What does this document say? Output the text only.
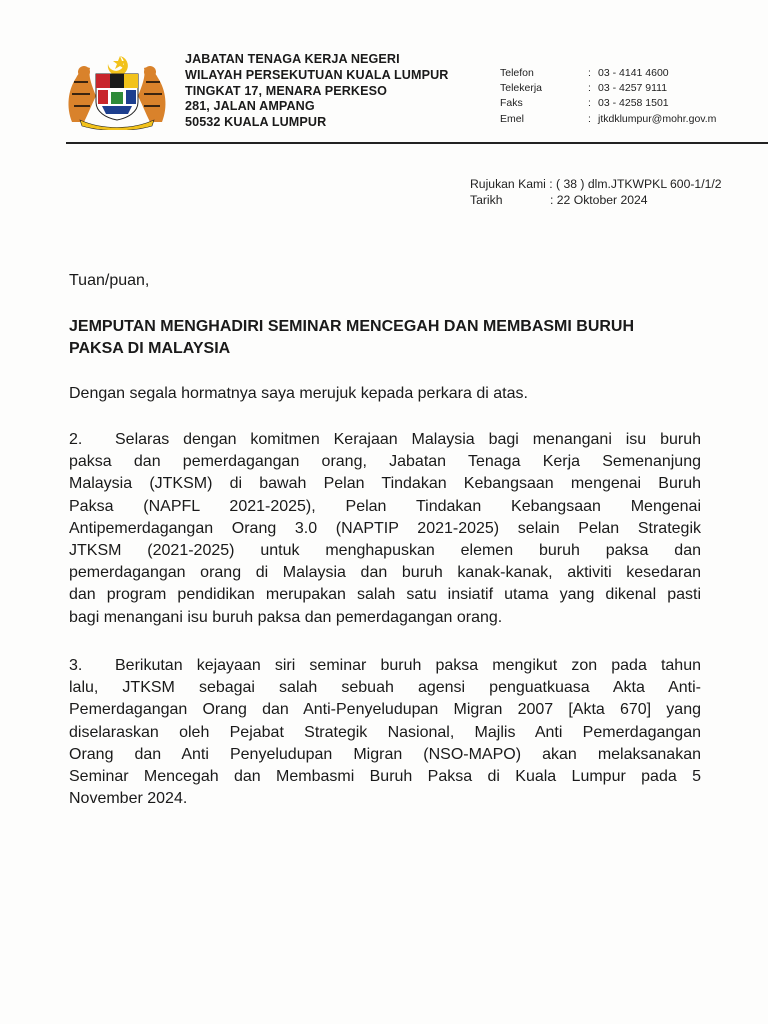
JABATAN TENAGA KERJA NEGERI
WILAYAH PERSEKUTUAN KUALA LUMPUR
TINGKAT 17, MENARA PERKESO
281, JALAN AMPANG
50532 KUALA LUMPUR
Telefon
Telekerja
Faks
Emel
: 03 - 4141 4600
: 03 - 4257 9111
: 03 - 4258 1501
: jtkdklumpur@mohr.gov.m
Rujukan Kami :
( 38 ) dlm.JTKWPKL 600-1/1/2
Tarikh	: 22 Oktober 2024
Tuan/puan,
JEMPUTAN MENGHADIRI SEMINAR MENCEGAH DAN MEMBASMI BURUH
PAKSA DI MALAYSIA
Dengan segala hormatnya saya merujuk kepada perkara di atas.
2. Selaras dengan komitmen Kerajaan Malaysia bagi menangani isu buruh
paksa dan pemerdagangan orang, Jabatan Tenaga Kerja Semenanjung
Malaysia (JTKSM) di bawah Pelan Tindakan Kebangsaan mengenai Buruh
Paksa (NAPFL 2021-2025), Pelan Tindakan Kebangsaan Mengenai
Antipemerdagangan Orang 3.0 (NAPTIP 2021-2025) selain Pelan Strategik
JTKSM (2021-2025) untuk menghapuskan elemen buruh paksa dan
pemerdagangan orang di Malaysia dan buruh kanak-kanak, aktiviti kesedaran
dan program pendidikan merupakan salah satu insiatif utama yang dikenal pasti
bagi menangani isu buruh paksa dan pemerdagangan orang.
3. Berikutan kejayaan siri seminar buruh paksa mengikut zon pada tahun
lalu, JTKSM sebagai salah sebuah agensi penguatkuasa Akta Anti-
Pemerdagangan Orang dan Anti-Penyeludupan Migran 2007 [Akta 670] yang
diselaraskan oleh Pejabat Strategik Nasional, Majlis Anti Pemerdagangan
Orang dan Anti Penyeludupan Migran (NSO-MAPO) akan melaksanakan
Seminar Mencegah dan Membasmi Buruh Paksa di Kuala Lumpur pada 5
November 2024.
